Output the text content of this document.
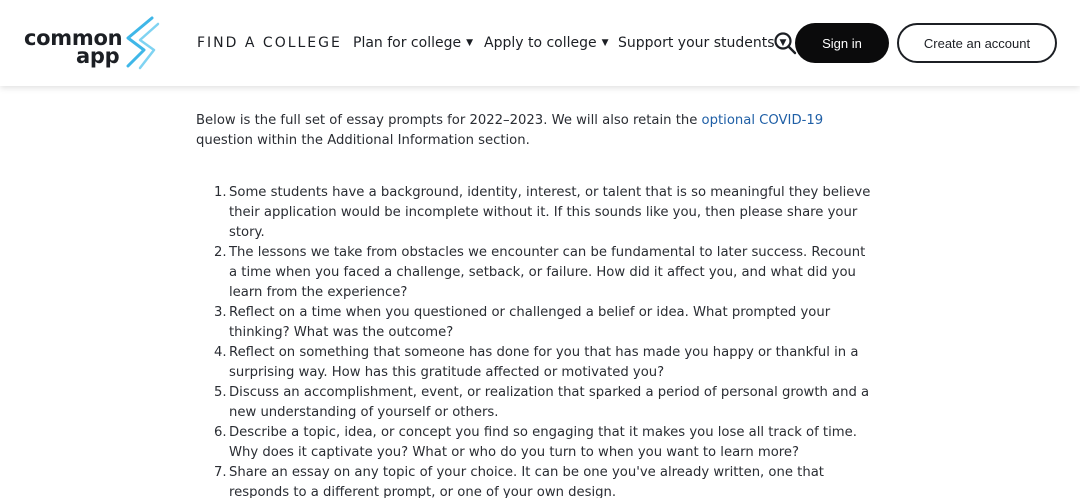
common
app
FIND A COLLEGE Plan for college ▼ Apply to college ▼ Support your students ▼	Sign in	Create an account

Below is the full set of essay prompts for 2022–2023. We will also retain the optional COVID-19 question within the Additional Information section.

1. Some students have a background, identity, interest, or talent that is so meaningful they believe their application would be incomplete without it. If this sounds like you, then please share your story.
2. The lessons we take from obstacles we encounter can be fundamental to later success. Recount a time when you faced a challenge, setback, or failure. How did it affect you, and what did you learn from the experience?
3. Reflect on a time when you questioned or challenged a belief or idea. What prompted your thinking? What was the outcome?
4. Reflect on something that someone has done for you that has made you happy or thankful in a surprising way. How has this gratitude affected or motivated you?
5. Discuss an accomplishment, event, or realization that sparked a period of personal growth and a new understanding of yourself or others.
6. Describe a topic, idea, or concept you find so engaging that it makes you lose all track of time. Why does it captivate you? What or who do you turn to when you want to learn more?
7. Share an essay on any topic of your choice. It can be one you've already written, one that responds to a different prompt, or one of your own design.
